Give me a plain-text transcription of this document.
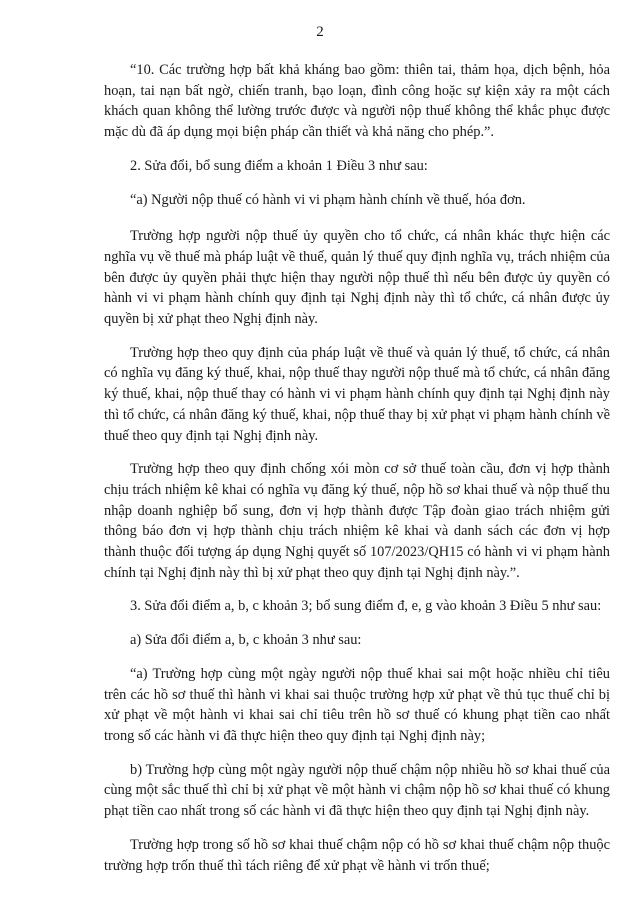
2

“10. Các trường hợp bất khả kháng bao gồm: thiên tai, thảm họa, dịch bệnh, hỏa hoạn, tai nạn bất ngờ, chiến tranh, bạo loạn, đình công hoặc sự kiện xảy ra một cách khách quan không thể lường trước được và người nộp thuế không thể khắc phục được mặc dù đã áp dụng mọi biện pháp cần thiết và khả năng cho phép.”.

2. Sửa đổi, bổ sung điểm a khoản 1 Điều 3 như sau:

“a) Người nộp thuế có hành vi vi phạm hành chính về thuế, hóa đơn.

Trường hợp người nộp thuế ủy quyền cho tổ chức, cá nhân khác thực hiện các nghĩa vụ về thuế mà pháp luật về thuế, quản lý thuế quy định nghĩa vụ, trách nhiệm của bên được ủy quyền phải thực hiện thay người nộp thuế thì nếu bên được ủy quyền có hành vi vi phạm hành chính quy định tại Nghị định này thì tổ chức, cá nhân được ủy quyền bị xử phạt theo Nghị định này.

Trường hợp theo quy định của pháp luật về thuế và quản lý thuế, tổ chức, cá nhân có nghĩa vụ đăng ký thuế, khai, nộp thuế thay người nộp thuế mà tổ chức, cá nhân đăng ký thuế, khai, nộp thuế thay có hành vi vi phạm hành chính quy định tại Nghị định này thì tổ chức, cá nhân đăng ký thuế, khai, nộp thuế thay bị xử phạt vi phạm hành chính về thuế theo quy định tại Nghị định này.

Trường hợp theo quy định chống xói mòn cơ sở thuế toàn cầu, đơn vị hợp thành chịu trách nhiệm kê khai có nghĩa vụ đăng ký thuế, nộp hồ sơ khai thuế và nộp thuế thu nhập doanh nghiệp bổ sung, đơn vị hợp thành được Tập đoàn giao trách nhiệm gửi thông báo đơn vị hợp thành chịu trách nhiệm kê khai và danh sách các đơn vị hợp thành thuộc đối tượng áp dụng Nghị quyết số 107/2023/QH15 có hành vi vi phạm hành chính tại Nghị định này thì bị xử phạt theo quy định tại Nghị định này.”.

3. Sửa đổi điểm a, b, c khoản 3; bổ sung điểm đ, e, g vào khoản 3 Điều 5 như sau:

a) Sửa đổi điểm a, b, c khoản 3 như sau:

“a) Trường hợp cùng một ngày người nộp thuế khai sai một hoặc nhiều chỉ tiêu trên các hồ sơ thuế thì hành vi khai sai thuộc trường hợp xử phạt về thủ tục thuế chỉ bị xử phạt về một hành vi khai sai chỉ tiêu trên hồ sơ thuế có khung phạt tiền cao nhất trong số các hành vi đã thực hiện theo quy định tại Nghị định này;

b) Trường hợp cùng một ngày người nộp thuế chậm nộp nhiều hồ sơ khai thuế của cùng một sắc thuế thì chỉ bị xử phạt về một hành vi chậm nộp hồ sơ khai thuế có khung phạt tiền cao nhất trong số các hành vi đã thực hiện theo quy định tại Nghị định này.

Trường hợp trong số hồ sơ khai thuế chậm nộp có hồ sơ khai thuế chậm nộp thuộc trường hợp trốn thuế thì tách riêng để xử phạt về hành vi trốn thuế;
